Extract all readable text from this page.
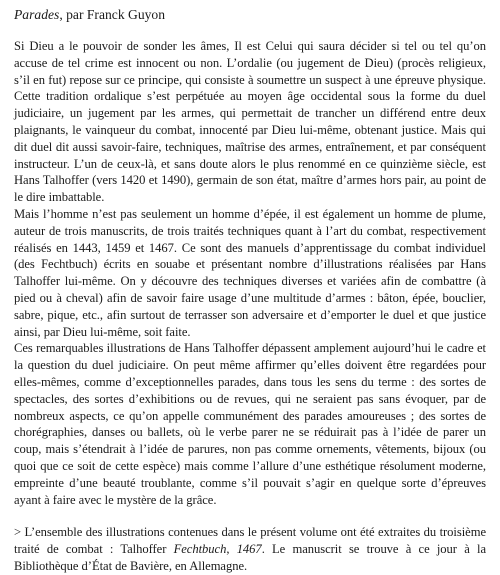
Parades, par Franck Guyon

Si Dieu a le pouvoir de sonder les âmes, Il est Celui qui saura décider si tel ou tel qu’on accuse de tel crime est innocent ou non. L’ordalie (ou jugement de Dieu) (procès religieux, s’il en fut) repose sur ce principe, qui consiste à soumettre un suspect à une épreuve physique. Cette tradition ordalique s’est perpétuée au moyen âge occidental sous la forme du duel judiciaire, un jugement par les armes, qui permettait de trancher un différend entre deux plaignants, le vainqueur du combat, innocenté par Dieu lui-même, obtenant justice. Mais qui dit duel dit aussi savoir-faire, techniques, maîtrise des armes, entraînement, et par conséquent instructeur. L’un de ceux-là, et sans doute alors le plus renommé en ce quinzième siècle, est Hans Talhoffer (vers 1420 et 1490), germain de son état, maître d’armes hors pair, au point de le dire imbattable.

Mais l’homme n’est pas seulement un homme d’épée, il est également un homme de plume, auteur de trois manuscrits, de trois traités techniques quant à l’art du combat, respectivement réalisés en 1443, 1459 et 1467. Ce sont des manuels d’apprentissage du combat individuel (des Fechtbuch) écrits en souabe et présentant nombre d’illustrations réalisées par Hans Talhoffer lui-même. On y découvre des techniques diverses et variées afin de combattre (à pied ou à cheval) afin de savoir faire usage d’une multitude d’armes : bâton, épée, bouclier, sabre, pique, etc., afin surtout de terrasser son adversaire et d’emporter le duel et que justice ainsi, par Dieu lui-même, soit faite.

Ces remarquables illustrations de Hans Talhoffer dépassent amplement aujourd’hui le cadre et la question du duel judiciaire. On peut même affirmer qu’elles doivent être regardées pour elles-mêmes, comme d’exceptionnelles parades, dans tous les sens du terme : des sortes de spectacles, des sortes d’exhibitions ou de revues, qui ne seraient pas sans évoquer, par de nombreux aspects, ce qu’on appelle communément des parades amoureuses ; des sortes de chorégraphies, danses ou ballets, où le verbe parer ne se réduirait pas à l’idée de parer un coup, mais s’étendrait à l’idée de parures, non pas comme ornements, vêtements, bijoux (ou quoi que ce soit de cette espèce) mais comme l’allure d’une esthétique résolument moderne, empreinte d’une beauté troublante, comme s’il pouvait s’agir en quelque sorte d’épreuves ayant à faire avec le mystère de la grâce.

> L’ensemble des illustrations contenues dans le présent volume ont été extraites du troisième traité de combat : Talhoffer Fechtbuch, 1467. Le manuscrit se trouve à ce jour à la Bibliothèque d’État de Bavière, en Allemagne.
